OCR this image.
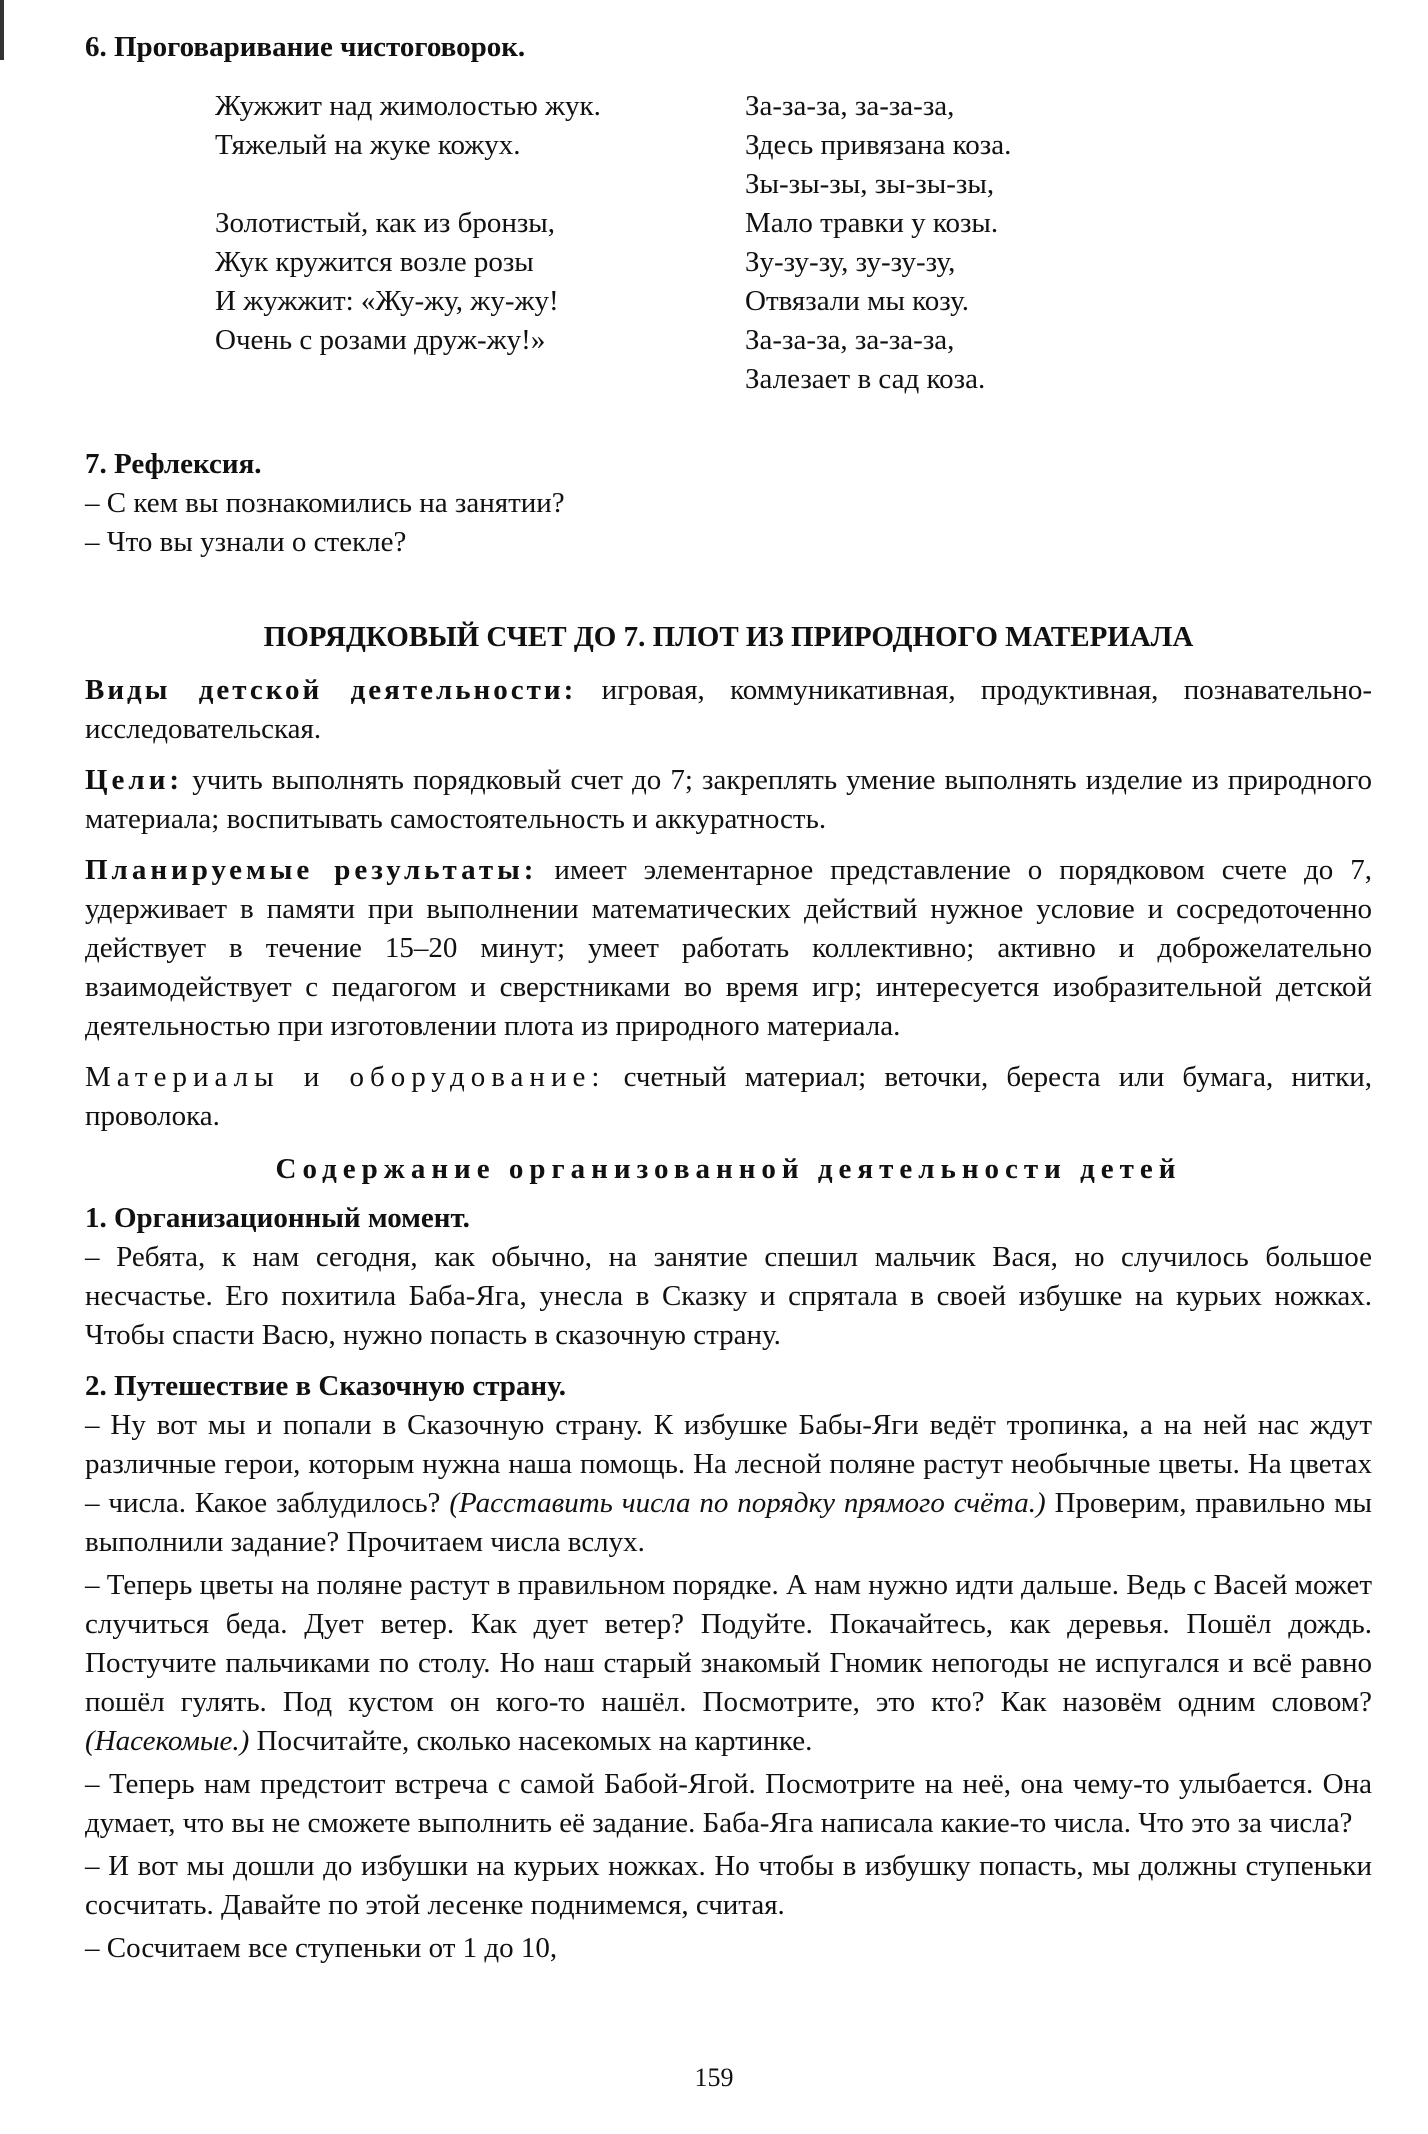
6. Проговаривание чистоговорок.
Жужжит над жимолостью жук.
Тяжелый на жуке кожух.
Золотистый, как из бронзы,
Жук кружится возле розы
И жужжит: «Жу-жу, жу-жу!
Очень с розами друж-жу!»
За-за-за, за-за-за,
Здесь привязана коза.
Зы-зы-зы, зы-зы-зы,
Мало травки у козы.
Зу-зу-зу, зу-зу-зу,
Отвязали мы козу.
За-за-за, за-за-за,
Залезает в сад коза.
7. Рефлексия.

– С кем вы познакомились на занятии?

– Что вы узнали о стекле?

ПОРЯДКОВЫЙ СЧЕТ ДО 7. ПЛОТ ИЗ ПРИРОДНОГО МАТЕРИАЛА

Виды детской деятельности: игровая, коммуникативная, продуктивная, познавательно-исследовательская.

Цели: учить выполнять порядковый счет до 7; закреплять умение выполнять изделие из природного материала; воспитывать самостоятельность и аккуратность.

Планируемые результаты: имеет элементарное представление о порядковом счете до 7, удерживает в памяти при выполнении математических действий нужное условие и сосредоточенно действует в течение 15–20 минут; умеет работать коллективно; активно и доброжелательно взаимодействует с педагогом и сверстниками во время игр; интересуется изобразительной детской деятельностью при изготовлении плота из природного материала.

Материалы и оборудование: счетный материал; веточки, береста или бумага, нитки, проволока.

Содержание организованной деятельности детей
1. Организационный момент.

– Ребята, к нам сегодня, как обычно, на занятие спешил мальчик Вася, но случилось большое несчастье. Его похитила Баба-Яга, унесла в Сказку и спрятала в своей избушке на курьих ножках. Чтобы спасти Васю, нужно попасть в сказочную страну.

2. Путешествие в Сказочную страну.

– Ну вот мы и попали в Сказочную страну. К избушке Бабы-Яги ведёт тропинка, а на ней нас ждут различные герои, которым нужна наша помощь. На лесной поляне растут необычные цветы. На цветах – числа. Какое заблудилось? (Расставить числа по порядку прямого счёта.) Проверим, правильно мы выполнили задание? Прочитаем числа вслух.

– Теперь цветы на поляне растут в правильном порядке. А нам нужно идти дальше. Ведь с Васей может случиться беда. Дует ветер. Как дует ветер? Подуйте. Покачайтесь, как деревья. Пошёл дождь. Постучите пальчиками по столу. Но наш старый знакомый Гномик непогоды не испугался и всё равно пошёл гулять. Под кустом он кого-то нашёл. Посмотрите, это кто? Как назовём одним словом? (Насекомые.) Посчитайте, сколько насекомых на картинке.

– Теперь нам предстоит встреча с самой Бабой-Ягой. Посмотрите на неё, она чему-то улыбается. Она думает, что вы не сможете выполнить её задание. Баба-Яга написала какие-то числа. Что это за числа?

– И вот мы дошли до избушки на курьих ножках. Но чтобы в избушку попасть, мы должны ступеньки сосчитать. Давайте по этой лесенке поднимемся, считая.

– Сосчитаем все ступеньки от 1 до 10,

159
